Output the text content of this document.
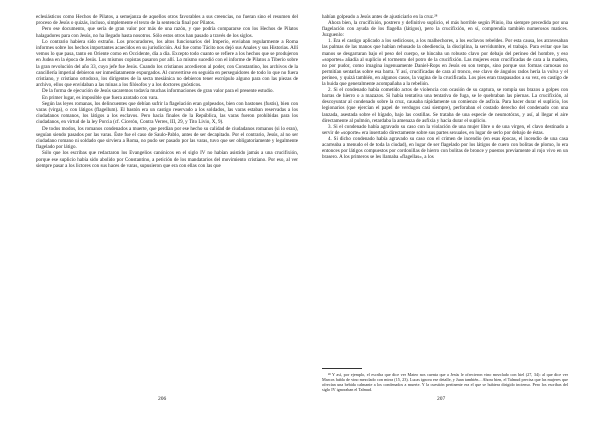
eclesiásticos como Hechos de Pilatos, a semejanza de aquellos otros favorables a sus creencias, no fueran sino el resumen del proceso de Jesús o quizás, incluso, simplemente el texto de la sentencia final por Pilatos.

Pero ese documento, que sería de gran valor por más de una razón, y que podría compararse con los Hechos de Pilatos halagadores para con Jesús, no ha llegado hasta nosotros. Sólo estos otros han pasado a través de los siglos.

Lo contrario habiera sido extraño. Los procuradores, los altos funcionarios del Imperio, enviaban regularmente a Roma informes sobre los hechos importantes acaecidos en su jurisdicción. Así fue como Tácito nos dejó sus Anales y sus Historias. Allí vemos lo que pasa, tanto en Oriente como en Occidente, día a día. Excepto todo cuanto se refiere a los hechos que se produjeron en Judea en la época de Jesús. Los mismos copistas pasaron por allí. Lo mismo sucedió con el informe de Pilatos a Tiberio sobre la gran revolución del año 33, cuyo jefe fue Jesús. Cuando los cristianos accedieron al poder, con Constantino, los archivos de la cancillería imperial debieron ser inmediatamente expurgados. Al convertirse en seguida en perseguidores de todo lo que no fuera cristiano, y cristiano ortodoxo, los dirigentes de la secta mesiánica no debieron tener escrúpulo alguno para con las piezas de archivo, ellos que envidaban a las minas a los filósofos y a los doctores gnósticos.

De la forma de ejecución de Jesús sacaremos todavía muchas informaciones de gran valor para el presente estudio.

En primer lugar, es imposible que fuera azotado con vara.

Según las leyes romanas, los delincuentes que debían sufrir la flagelación eran golpeados, bien con bastones (fustis), bien con varas (virga), o con látigos (flagellum). El bastón era un castigo reservado a los soldados, las varas estaban reservadas a los ciudadanos romanos, los látigos a los esclavos. Pero hacia finales de la República, las varas fueron prohibidas para los ciudadanos, en virtud de la ley Porcia (cf. Cicerón, Contra Verres, III, 29, y Tito Livio, X, 9).

De todos modos, los romanos condenados a muerte, que perdían por ese hecho su calidad de ciudadanos romanos (si lo eran), seguían siendo pasados por las varas. Éste fue el caso de Saulo-Pablo, antes de ser decapitado. Por el contrario, Jesús, al no ser ciudadano romano ni soldado que sirviera a Roma, no pudo ser pasado por las varas, tuvo que ser obligatoriamente y legalmente flagelado por látigo.

Sólo que los escribas que redactaron los Evangelios canónicos en el siglo IV no habían asistido jamás a una crucifixión, porque ese suplicio había sido abolido por Constantino, a petición de los mandatarios del movimiento cristiano. Por eso, al ver siempre pasar a los lictores con sus haces de varas, supusieron que era con ellas con las que

habían golpeado a Jesús antes de ajusticiarlo en la cruz.²⁸

Ahora bien, la crucifixión, postrero y definitivo suplicio, el más horrible según Plinio, iba siempre precedida por una flagelación con ayuda de los flagella (látigos), pero la crucifixión, en sí, comprendía también numerosos matices. Juzguenlo:

1. Era el castigo aplicado a los sediciosos, a los malhechores, a los esclavos rebeldes. Por esta causa, les atravesaban las palmas de las manos que habían rehusado la obediencia, la disciplina, la servidumbre, el trabajo. Para evitar que las manos se desgarraran bajo el peso del cuerpo, se hincaba un robusto clavo por debajo del perineo del hombre, y eso «soportes» añadía al suplicio el tormento del potro de la crucifixión. Las mujeres eran crucificadas de cara a la madera, no por pudor, como imagina ingenuamente Daniel-Rops en Jesús en son temps, sino porque sus formas carnosas no permitían sentarlas sobre esa barra. Y así, crucificadas de cara al tronco, ese clavo de ángulos rados hería la vulva y el perineo, y quizá también, en algunos casos, la vagina de la crucificada. Los pies eran traspasados a su vez, en castigo de la huida que generalmente acompañaba a la rebelión.

2. Si el condenado había cometido actos de violencia con ocasión de su captura, se rompía sus brazos a golpes con barras de hierro o a mazazos. Si había tentativa una tentativa de fuga, se le quebraban las piernas. La crucifixión, al descoyuntar al condenado sobre la cruz, causaba rápidamente un comienzo de asfixia. Para hacer durar el suplicio, los legionarios (que ejercían el papel de verdugos casi siempre), perforaban el costado derecho del condenado con una lanzada, asestada sobre el hígado, bajo las costillas. Se trataba de una especie de neumotórax, y así, al llegar el aire directamente al pulmón, retardaba la amenaza de asfixia y hacía durar el suplicio.

3. Si el condenado había agravado su caso con la violación de una mujer libre o de una virgen, el clavo destinado a servir de «soporte» era insertado directamente sobre sus partes sexuales, en lugar de serlo por debajo de éstas.

4. Si dicho condenado había agravado su caso con el crimen de incendio (en esas épocas, el incendio de una casa acarreaba a menudo el de toda la ciudad), en lugar de ser flagelado por los látigos de cuero con bolitas de plomo, lo era entonces por látigos compuestos por cordonillas de hierro con bolitas de bronce y puestos previamente al rojo vivo en un brasero. A los primeros se les llamaba «flagellas», a los

²⁸ Y así, por ejemplo, el escriba que dice ver Mateo nos cuenta que a Jesús le ofrecieron vino mezclado con hiel (27, 34): al que dice ver Marcos habla de vino mezclado con mirra (15, 23). Lucas ignora ese detalle, y Juan también... Ahora bien, el Talmud precisa que las mujeres que ofrecían una bebida calmante a los condenados a muerte. Y la cuestión pertinente era el que se hubiera dirigido incienso. Pero los escribas del siglo IV ignoraban el Talmud.

206	207
